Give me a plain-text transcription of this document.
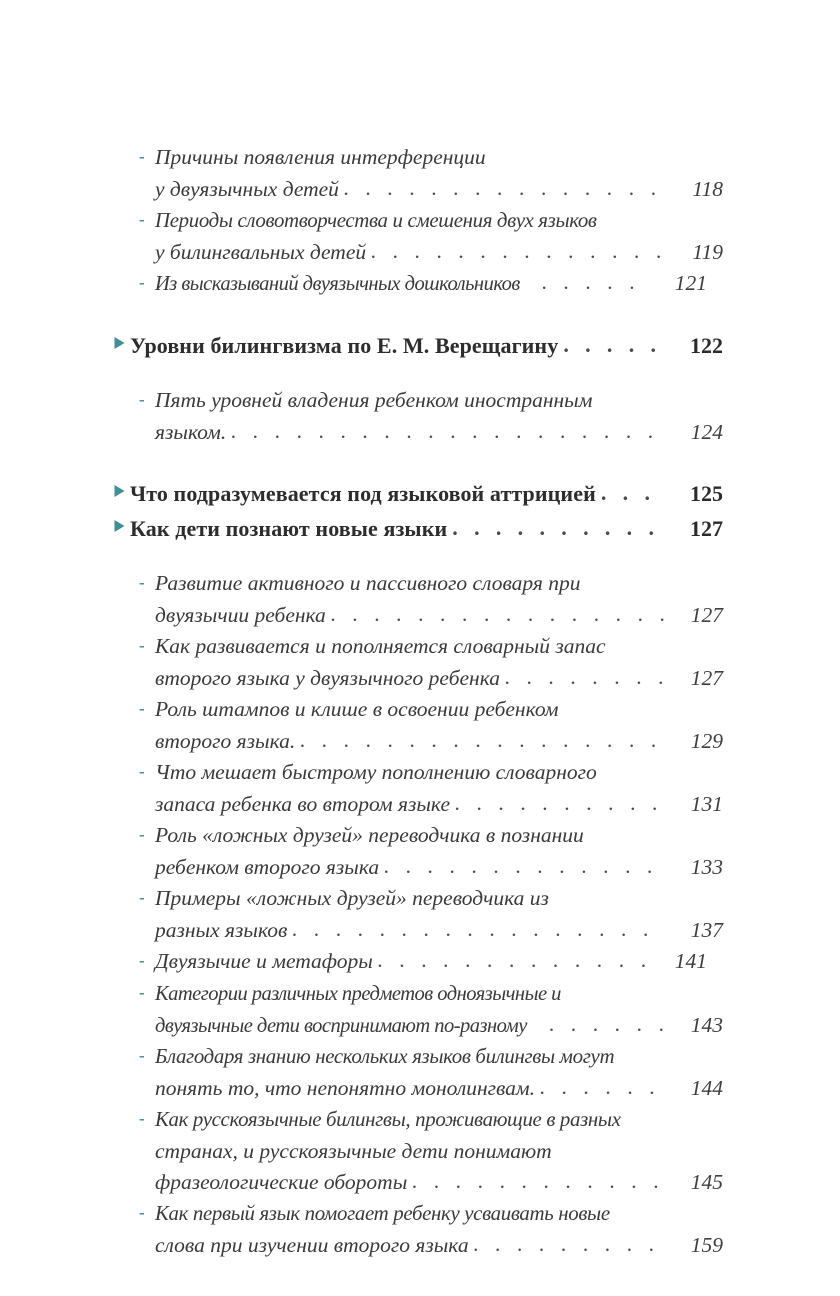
- Причины появления интерференции
у двуязычных детей . . .	118
- Периоды словотворчества и смешения двух языков
у билингвальных детей . . .	119
- Из высказываний двуязычных дошкольников . . .	121
Уровни билингвизма по Е. М. Верещагину . . .	122
- Пять уровней владения ребенком иностранным
языком. . . .	124
Что подразумевается под языковой аттрицией . . .	125
Как дети познают новые языки . . .	127
- Развитие активного и пассивного словаря при
двуязычии ребенка . . .	127
- Как развивается и пополняется словарный запас
второго языка у двуязычного ребенка . . .	127
- Роль штампов и клише в освоении ребенком
второго языка. . . .	129
- Что мешает быстрому пополнению словарного
запаса ребенка во втором языке . . .	131
- Роль «ложных друзей» переводчика в познании
ребенком второго языка . . .	133
- Примеры «ложных друзей» переводчика из
разных языков . . .	137
- Двуязычие и метафоры . . .	141
- Категории различных предметов одноязычные и
двуязычные дети воспринимают по-разному . . .	143
- Благодаря знанию нескольких языков билингвы могут
понять то, что непонятно монолингвам. . . .	144
- Как русскоязычные билингвы, проживающие в разных
странах, и русскоязычные дети понимают
фразеологические обороты . . .	145
- Как первый язык помогает ребенку усваивать новые
слова при изучении второго языка . . .	159
